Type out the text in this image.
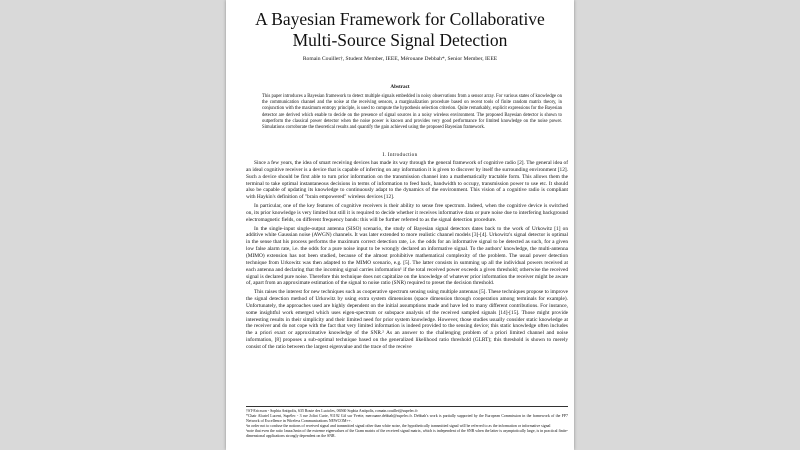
A Bayesian Framework for Collaborative
Multi-Source Signal Detection
Romain Couillet†, Student Member, IEEE, Mérouane Debbah*, Senior Member, IEEE
Abstract
This paper introduces a Bayesian framework to detect multiple signals embedded in noisy observations from a sensor array. For various states of knowledge on the communication channel and the noise at the receiving sensors, a marginalization procedure based on recent tools of finite random matrix theory, in conjunction with the maximum entropy principle, is used to compute the hypothesis selection criterion. Quite remarkably, explicit expressions for the Bayesian detector are derived which enable to decide on the presence of signal sources in a noisy wireless environment. The proposed Bayesian detector is shown to outperform the classical power detector when the noise power is known and provides very good performance for limited knowledge on the noise power. Simulations corroborate the theoretical results and quantify the gain achieved using the proposed Bayesian framework.
I. Introduction

Since a few years, the idea of smart receiving devices has made its way through the general framework of cognitive radio [2]. The general idea of an ideal cognitive receiver is a device that is capable of inferring on any information it is given to discover by itself the surrounding environment [12]. Such a device should be first able to turn prior information on the transmission channel into a mathematically tractable form. This allows them the terminal to take optimal instantaneous decisions in terms of information to feed back, bandwidth to occupy, transmission power to use etc. It should also be capable of updating its knowledge to continuously adapt to the dynamics of the environment. This vision of a cognitive radio is compliant with Haykin's definition of "brain empowered" wireless devices [12].

In particular, one of the key features of cognitive receivers is their ability to sense free spectrum. Indeed, when the cognitive device is switched on, its prior knowledge is very limited but still it is required to decide whether it receives informative data or pure noise due to interfering background electromagnetic fields, on different frequency bands: this will be further referred to as the signal detection procedure.

In the single-input single-output antenna (SISO) scenario, the study of Bayesian signal detectors dates back to the work of Urkowitz [1] on additive white Gaussian noise (AWGN) channels. It was later extended to more realistic channel models [3]-[4]. Urkowitz's signal detector is optimal in the sense that his process performs the maximum correct detection rate, i.e. the odds for an informative signal to be detected as such, for a given low false alarm rate, i.e. the odds for a pure noise input to be wrongly declared an informative signal. To the authors' knowledge, the multi-antenna (MIMO) extension has not been studied, because of the almost prohibitive mathematical complexity of the problem. The usual power detection technique from Urkowitz was then adapted to the MIMO scenario, e.g. [5]. The latter consists in summing up all the individual powers received at each antenna and declaring that the incoming signal carries information¹ if the total received power exceeds a given threshold; otherwise the received signal is declared pure noise. Therefore this technique does not capitalize on the knowledge of whatever prior information the receiver might be aware of, apart from an approximate estimation of the signal to noise ratio (SNR) required to preset the decision threshold.

This raises the interest for new techniques such as cooperative spectrum sensing using multiple antennas [5]. These techniques propose to improve the signal detection method of Urkowitz by using extra system dimensions (space dimension through cooperation among terminals for example). Unfortunately, the approaches used are highly dependent on the initial assumptions made and have led to many different contributions. For instance, some insightful work emerged which uses eigen-spectrum or subspace analysis of the received sampled signals [14]-[15]. Those might provide interesting results in their simplicity and their limited need for prior system knowledge. However, those studies usually consider static knowledge at the receiver and do not cope with the fact that very limited information is indeed provided to the sensing device; this static knowledge often includes the a priori exact or approximative knowledge of the SNR.² As an answer to the challenging problem of a priori limited channel and noise information, [8] proposes a sub-optimal technique based on the generalized likelihood ratio threshold (GLRT); this threshold is shown to merely consist of the ratio between the largest eigenvalue and the trace of the receive

†ST-Ericsson - Sophia Antipolis, 635 Route des Lucioles, 06560 Sophia Antipolis, romain.couillet@supelec.fr
*Chair Alcatel Lucent, Supélec - 3 rue Joliot Curie, 91192 Gif sur Yvette, merouane.debbah@supelec.fr. Debbah's work is partially supported by the European Commission in the framework of the FP7 Network of Excellence in Wireless Communications NEWCOM++.
¹in order not to confuse the notions of received signal and transmitted signal other than white noise, the hypothetically transmitted signal will be referred to as the information or informative signal
²note that even the ratio λmax/λmin of the extreme eigenvalues of the Gram matrix of the received signal matrix, which is independent of the SNR when the latter is asymptotically large, is in practical finite-dimensional applications strongly dependent on the SNR.
